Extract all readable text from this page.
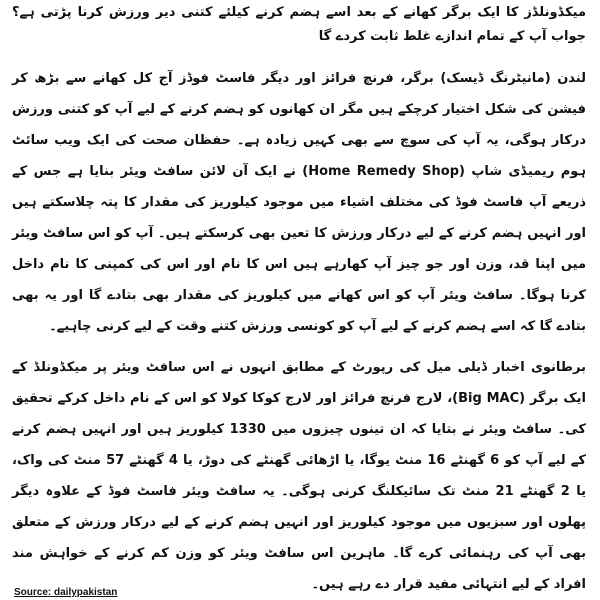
میکڈونلڈز کا ایک برگر کھانے کے بعد اسے ہضم کرنے کیلئے کتنی دیر ورزش کرنا پڑتی ہے؟ جواب آپ کے تمام اندازے غلط ثابت کردے گا

لندن (مانیٹرنگ ڈیسک) برگر، فرنچ فرائز اور دیگر فاسٹ فوڈز آج کل کھانے سے بڑھ کر فیشن کی شکل اختیار کرچکے ہیں مگر ان کھانوں کو ہضم کرنے کے لیے آپ کو کتنی ورزش درکار ہوگی، یہ آپ کی سوچ سے بھی کہیں زیادہ ہے۔ حفظان صحت کی ایک ویب سائٹ ہوم ریمیڈی شاپ (Home Remedy Shop) نے ایک آن لائن سافٹ ویئر بنایا ہے جس کے ذریعے آپ فاسٹ فوڈ کی مختلف اشیاء میں موجود کیلوریز کی مقدار کا پتہ چلاسکتے ہیں اور انہیں ہضم کرنے کے لیے درکار ورزش کا تعین بھی کرسکتے ہیں۔ آپ کو اس سافٹ ویئر میں اپنا قد، وزن اور جو چیز آپ کھارہے ہیں اس کا نام اور اس کی کمپنی کا نام داخل کرنا ہوگا۔ سافٹ ویئر آپ کو اس کھانے میں کیلوریز کی مقدار بھی بتادے گا اور یہ بھی بتادے گا کہ اسے ہضم کرنے کے لیے آپ کو کونسی ورزش کتنے وقت کے لیے کرنی چاہیے۔

برطانوی اخبار ڈیلی میل کی رپورٹ کے مطابق انہوں نے اس سافٹ ویئر پر میکڈونلڈ کے ایک برگر (Big MAC)، لارج فرنچ فرائز اور لارج کوکا کولا کو اس کے نام داخل کرکے تحقیق کی۔ سافٹ ویئر نے بتایا کہ ان تینوں چیزوں میں 1330 کیلوریز ہیں اور انہیں ہضم کرنے کے لیے آپ کو 6 گھنٹے 16 منٹ یوگا، یا اڑھائی گھنٹے کی دوڑ، یا 4 گھنٹے 57 منٹ کی واک، یا 2 گھنٹے 21 منٹ تک سائیکلنگ کرنی ہوگی۔ یہ سافٹ ویئر فاسٹ فوڈ کے علاوہ دیگر پھلوں اور سبزیوں میں موجود کیلوریز اور انہیں ہضم کرنے کے لیے درکار ورزش کے متعلق بھی آپ کی رہنمائی کرے گا۔ ماہرین اس سافٹ ویئر کو وزن کم کرنے کے خواہش مند افراد کے لیے انتہائی مفید قرار دے رہے ہیں۔

Source: dailypakistan
